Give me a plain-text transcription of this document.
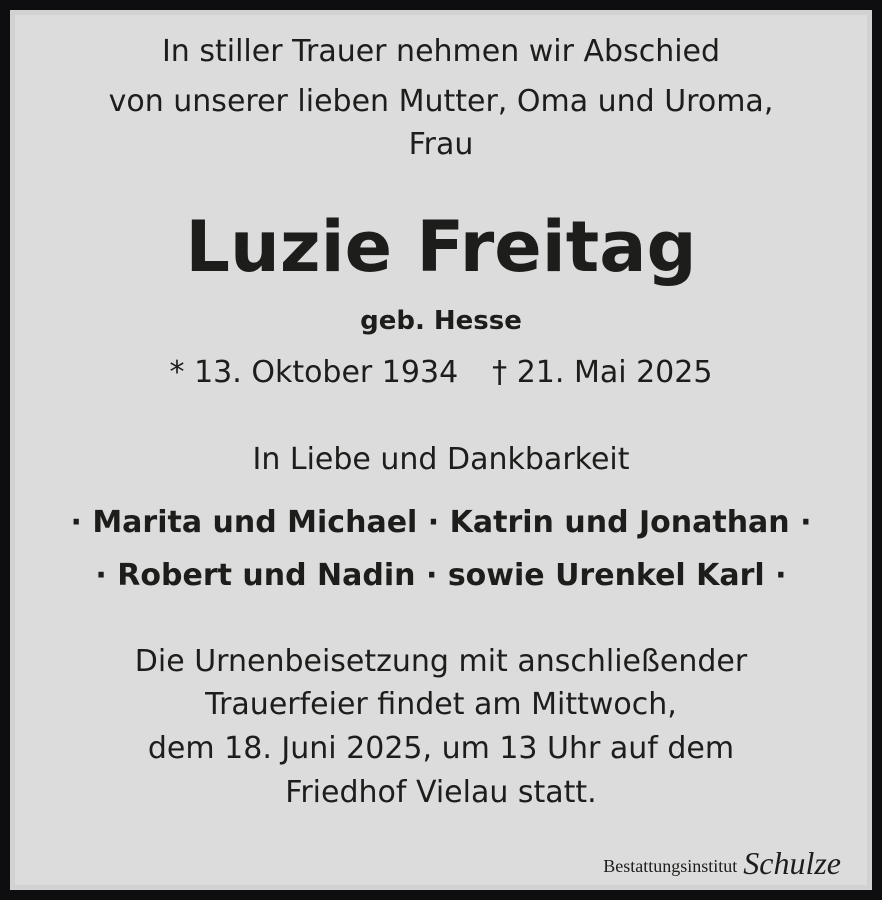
In stiller Trauer nehmen wir Abschied
von unserer lieben Mutter, Oma und Uroma,
Frau
Luzie Freitag
geb. Hesse
* 13. Oktober 1934 † 21. Mai 2025
In Liebe und Dankbarkeit
· Marita und Michael · Katrin und Jonathan ·
· Robert und Nadin · sowie Urenkel Karl ·
Die Urnenbeisetzung mit anschließender
Trauerfeier findet am Mittwoch,
dem 18. Juni 2025, um 13 Uhr auf dem
Friedhof Vielau statt.
Bestattungsinstitut Schulze
